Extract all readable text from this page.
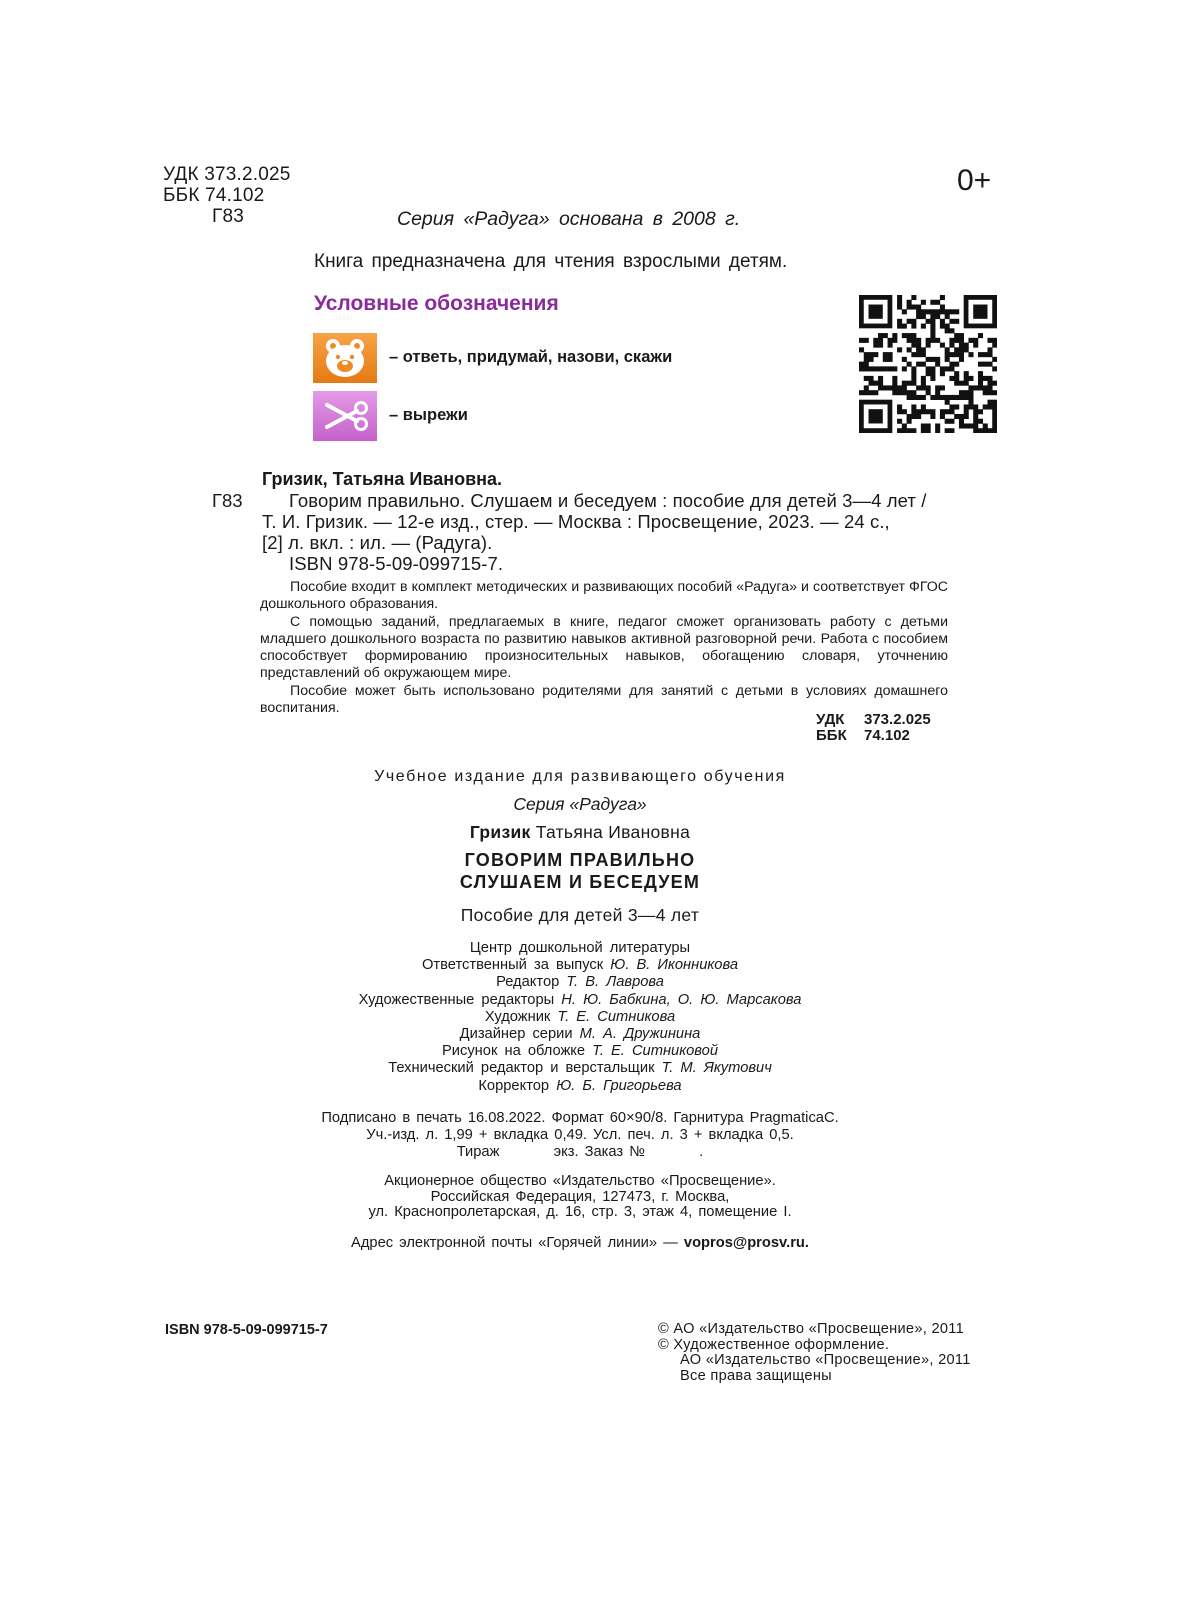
УДК 373.2.025
ББК 74.102
Г83
0+
Серия «Радуга» основана в 2008 г.
Книга предназначена для чтения взрослыми детям.
Условные обозначения
– ответь, придумай, назови, скажи
– вырежи
Гризик, Татьяна Ивановна.
Г83	Говорим правильно. Слушаем и беседуем : пособие для детей 3—4 лет /
Т. И. Гризик. — 12-е изд., стер. — Москва : Просвещение, 2023. — 24 с.,
[2] л. вкл. : ил. — (Радуга).
ISBN 978-5-09-099715-7.

Пособие входит в комплект методических и развивающих пособий «Радуга» и соответствует ФГОС дошкольного образования.

С помощью заданий, предлагаемых в книге, педагог сможет организовать работу с детьми младшего дошкольного возраста по развитию навыков активной разговорной речи. Работа с пособием способствует формированию произносительных навыков, обогащению словаря, уточнению представлений об окружающем мире.

Пособие может быть использовано родителями для занятий с детьми в условиях домашнего воспитания.

УДК 373.2.025
ББК 74.102
Учебное издание для развивающего обучения
Серия «Радуга»
Гризик Татьяна Ивановна
ГОВОРИМ ПРАВИЛЬНО
СЛУШАЕМ И БЕСЕДУЕМ
Пособие для детей 3—4 лет
Центр дошкольной литературы
Ответственный за выпуск Ю. В. Иконникова
Редактор Т. В. Лаврова
Художественные редакторы Н. Ю. Бабкина, О. Ю. Марсакова
Художник Т. Е. Ситникова
Дизайнер серии М. А. Дружинина
Рисунок на обложке Т. Е. Ситниковой
Технический редактор и верстальщик Т. М. Якутович
Корректор Ю. Б. Григорьева
Подписано в печать 16.08.2022. Формат 60×90/8. Гарнитура PragmaticaC.
Уч.-изд. л. 1,99 + вкладка 0,49. Усл. печ. л. 3 + вкладка 0,5.
Тираж	экз. Заказ №	.
Акционерное общество «Издательство «Просвещение».
Российская Федерация, 127473, г. Москва,
ул. Краснопролетарская, д. 16, стр. 3, этаж 4, помещение I.
Адрес электронной почты «Горячей линии» — vopros@prosv.ru.
ISBN 978-5-09-099715-7	© АО «Издательство «Просвещение», 2011
© Художественное оформление.
АО «Издательство «Просвещение», 2011
Все права защищены
